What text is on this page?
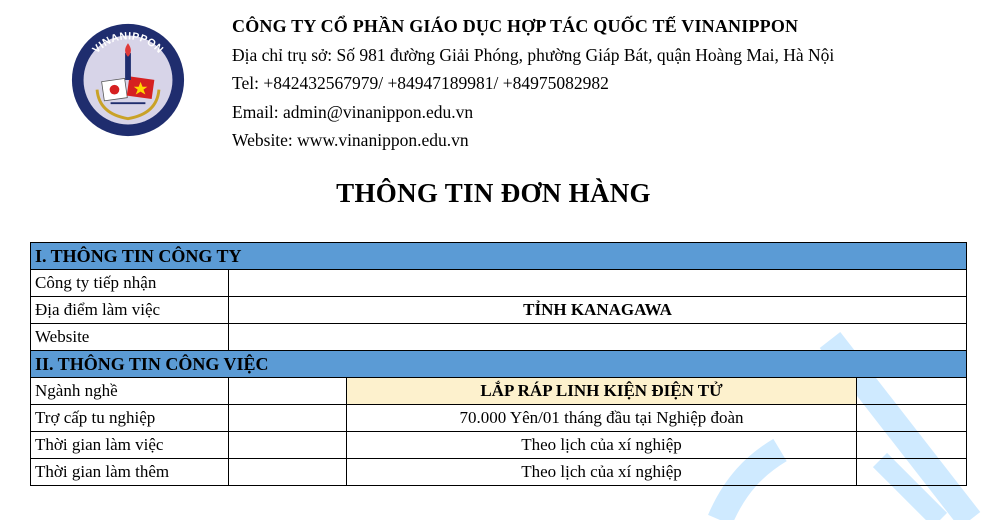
VINANIPPON
CÔNG TY CỔ PHẦN GIÁO DỤC HỢP TÁC QUỐC TẾ VINANIPPON
Địa chỉ trụ sở: Số 981 đường Giải Phóng, phường Giáp Bát, quận Hoàng Mai, Hà Nội
Tel: +842432567979/ +84947189981/ +84975082982
Email: admin@vinanippon.edu.vn
Website: www.vinanippon.edu.vn
THÔNG TIN ĐƠN HÀNG
I. THÔNG TIN CÔNG TY			
Công ty tiếp nhận			
Địa điểm làm việc	TỈNH KANAGAWA		
Website			
II. THÔNG TIN CÔNG VIỆC			
Ngành nghề		LẮP RÁP LINH KIỆN ĐIỆN TỬ	
Trợ cấp tu nghiệp		70.000 Yên/01 tháng đầu tại Nghiệp đoàn	
Thời gian làm việc		Theo lịch của xí nghiệp	
Thời gian làm thêm		Theo lịch của xí nghiệp	
